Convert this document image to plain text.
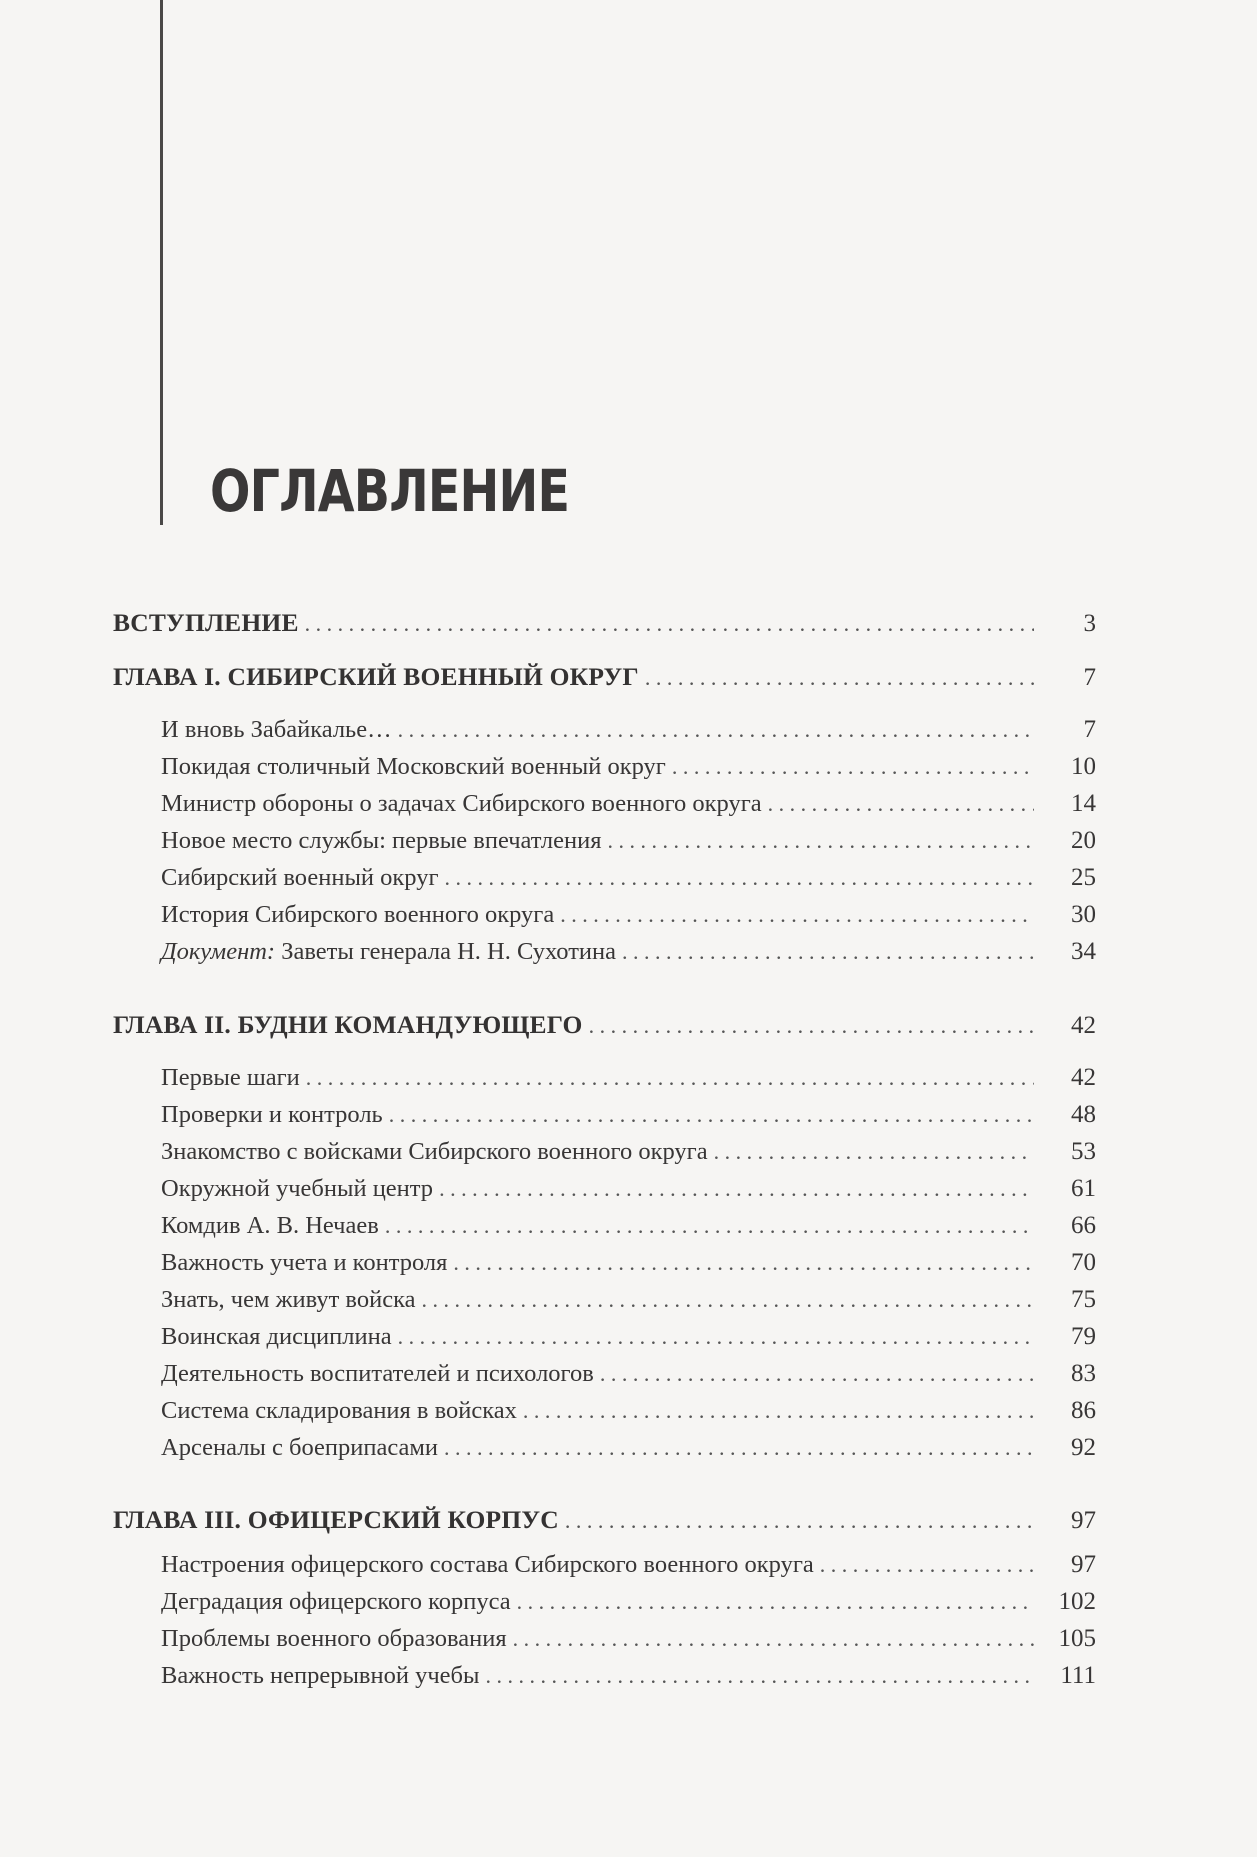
ОГЛАВЛЕНИЕ
ВСТУПЛЕНИЕ . . .	3
ГЛАВА I. СИБИРСКИЙ ВОЕННЫЙ ОКРУГ . . .	7
И вновь Забайкалье… . . .	7
Покидая столичный Московский военный округ . . .	10
Министр обороны о задачах Сибирского военного округа . . .	14
Новое место службы: первые впечатления . . .	20
Сибирский военный округ . . .	25
История Сибирского военного округа . . .	30
Документ: Заветы генерала Н. Н. Сухотина . . .	34
ГЛАВА II. БУДНИ КОМАНДУЮЩЕГО . . .	42
Первые шаги . . .	42
Проверки и контроль . . .	48
Знакомство с войсками Сибирского военного округа . . .	53
Окружной учебный центр . . .	61
Комдив А. В. Нечаев . . .	66
Важность учета и контроля . . .	70
Знать, чем живут войска . . .	75
Воинская дисциплина . . .	79
Деятельность воспитателей и психологов . . .	83
Система складирования в войсках . . .	86
Арсеналы с боеприпасами . . .	92
ГЛАВА III. ОФИЦЕРСКИЙ КОРПУС . . .	97
Настроения офицерского состава Сибирского военного округа . . .	97
Деградация офицерского корпуса . . .	102
Проблемы военного образования . . .	105
Важность непрерывной учебы . . .	111
